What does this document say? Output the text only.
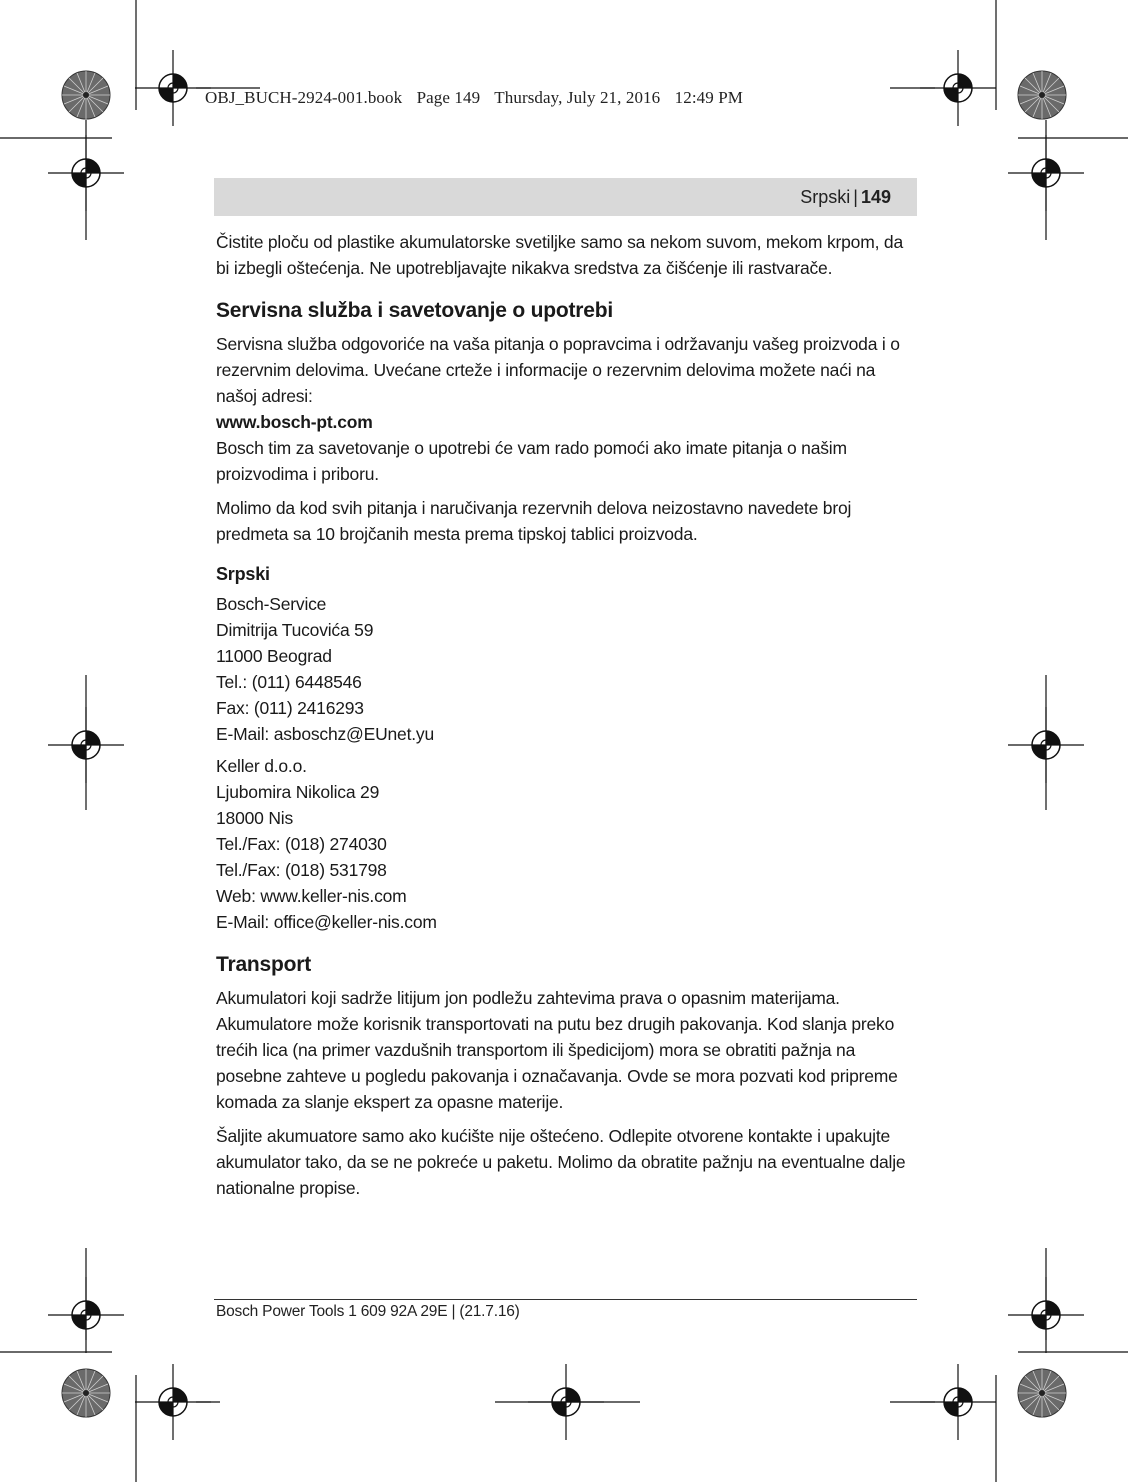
OBJ_BUCH-2924-001.book Page 149 Thursday, July 21, 2016 12:49 PM
Srpski | 149

Čistite ploču od plastike akumulatorske svetiljke samo sa nekom suvom, mekom krpom, da bi izbegli oštećenja. Ne upotrebljavajte nikakva sredstva za čišćenje ili rastvarače.

Servisna služba i savetovanje o upotrebi

Servisna služba odgovoriće na vaša pitanja o popravcima i održavanju vašeg proizvoda i o rezervnim delovima. Uvećane crteže i informacije o rezervnim delovima možete naći na našoj adresi:

www.bosch-pt.com

Bosch tim za savetovanje o upotrebi će vam rado pomoći ako imate pitanja o našim proizvodima i priboru.

Molimo da kod svih pitanja i naručivanja rezervnih delova neizostavno navedete broj predmeta sa 10 brojčanih mesta prema tipskoj tablici proizvoda.

Srpski
Bosch-Service
Dimitrija Tucovića 59
11000 Beograd
Tel.: (011) 6448546
Fax: (011) 2416293
E-Mail: asboschz@EUnet.yu
Keller d.o.o.
Ljubomira Nikolica 29
18000 Nis
Tel./Fax: (018) 274030
Tel./Fax: (018) 531798
Web: www.keller-nis.com
E-Mail: office@keller-nis.com
Transport

Akumulatori koji sadrže litijum jon podležu zahtevima prava o opasnim materijama. Akumulatore može korisnik transportovati na putu bez drugih pakovanja. Kod slanja preko trećih lica (na primer vazdušnih transportom ili špedicijom) mora se obratiti pažnja na posebne zahteve u pogledu pakovanja i označavanja. Ovde se mora pozvati kod pripreme komada za slanje ekspert za opasne materije.

Šaljite akumuatore samo ako kućište nije oštećeno. Odlepite otvorene kontakte i upakujte akumulator tako, da se ne pokreće u paketu. Molimo da obratite pažnju na eventualne dalje nationalne propise.

Bosch Power Tools 1 609 92A 29E | (21.7.16)
